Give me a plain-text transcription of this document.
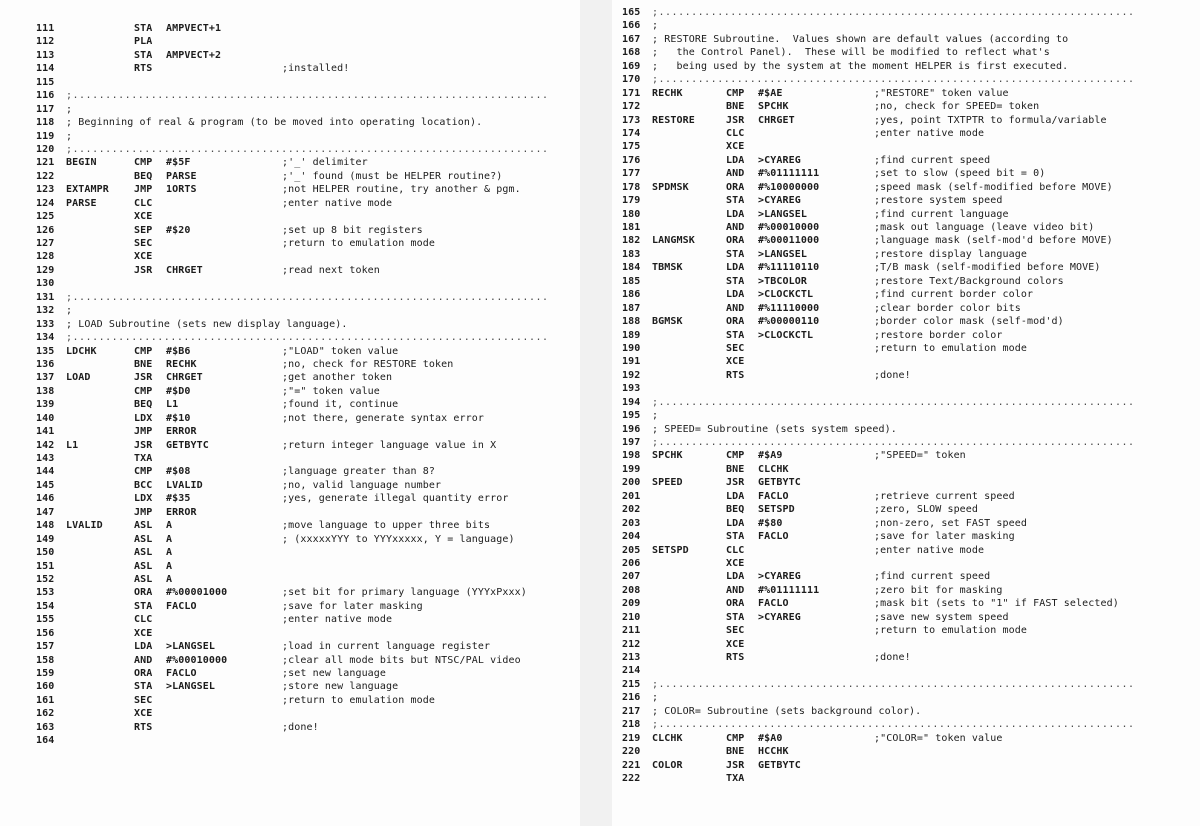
111	STA AMPVECT+1
112	PLA
113	STA AMPVECT+2
114	RTS	;installed!
115
116 ;.........................................................................
117 ;
118 ; Beginning of real & program (to be moved into operating location).
119 ;
120 ;.........................................................................
121 BEGIN	CMP #$5F	;'_' delimiter
122	BEQ PARSE	;'_' found (must be HELPER routine?)
123 EXTAMPR	JMP 1ORTS	;not HELPER routine, try another & pgm.
124 PARSE	CLC	;enter native mode
125	XCE
126	SEP #$20	;set up 8 bit registers
127	SEC	;return to emulation mode
128	XCE
129	JSR CHRGET	;read next token
130
131 ;.........................................................................
132 ;
133 ; LOAD Subroutine (sets new display language).
134 ;.........................................................................
135 LDCHK	CMP #$B6	;"LOAD" token value
136	BNE RECHK	;no, check for RESTORE token
137 LOAD	JSR CHRGET	;get another token
138	CMP #$D0	;"=" token value
139	BEQ L1	;found it, continue
140	LDX #$10	;not there, generate syntax error
141	JMP ERROR
142 L1	JSR GETBYTC	;return integer language value in X
143	TXA
144	CMP #$08	;language greater than 8?
145	BCC LVALID	;no, valid language number
146	LDX #$35	;yes, generate illegal quantity error
147	JMP ERROR
148 LVALID	ASL A	;move language to upper three bits
149	ASL A	; (xxxxxYYY to YYYxxxxx, Y = language)
150	ASL A
151	ASL A
152	ASL A
153	ORA #%00001000	;set bit for primary language (YYYxPxxx)
154	STA FACLO	;save for later masking
155	CLC	;enter native mode
156	XCE
157	LDA >LANGSEL	;load in current language register
158	AND #%00010000	;clear all mode bits but NTSC/PAL video
159	ORA FACLO	;set new language
160	STA >LANGSEL	;store new language
161	SEC	;return to emulation mode
162	XCE
163	RTS	;done!
164
165 ;.........................................................................
166 ;
167 ; RESTORE Subroutine.  Values shown are default values (according to
168 ;   the Control Panel).  These will be modified to reflect what's
169 ;   being used by the system at the moment HELPER is first executed.
170 ;.........................................................................
171 RECHK	CMP #$AE	;"RESTORE" token value
172	BNE SPCHK	;no, check for SPEED= token
173 RESTORE	JSR CHRGET	;yes, point TXTPTR to formula/variable
174	CLC	;enter native mode
175	XCE
176	LDA >CYAREG	;find current speed
177	AND #%01111111	;set to slow (speed bit = 0)
178 SPDMSK	ORA #%10000000	;speed mask (self-modified before MOVE)
179	STA >CYAREG	;restore system speed
180	LDA >LANGSEL	;find current language
181	AND #%00010000	;mask out language (leave video bit)
182 LANGMSK	ORA #%00011000	;language mask (self-mod'd before MOVE)
183	STA >LANGSEL	;restore display language
184 TBMSK	LDA #%11110110	;T/B mask (self-modified before MOVE)
185	STA >TBCOLOR	;restore Text/Background colors
186	LDA >CLOCKCTL	;find current border color
187	AND #%11110000	;clear border color bits
188 BGMSK	ORA #%00000110	;border color mask (self-mod'd)
189	STA >CLOCKCTL	;restore border color
190	SEC	;return to emulation mode
191	XCE
192	RTS	;done!
193
194 ;.........................................................................
195 ;
196 ; SPEED= Subroutine (sets system speed).
197 ;.........................................................................
198 SPCHK	CMP #$A9	;"SPEED=" token
199	BNE CLCHK
200 SPEED	JSR GETBYTC
201	LDA FACLO	;retrieve current speed
202	BEQ SETSPD	;zero, SLOW speed
203	LDA #$80	;non-zero, set FAST speed
204	STA FACLO	;save for later masking
205 SETSPD	CLC	;enter native mode
206	XCE
207	LDA >CYAREG	;find current speed
208	AND #%01111111	;zero bit for masking
209	ORA FACLO	;mask bit (sets to "1" if FAST selected)
210	STA >CYAREG	;save new system speed
211	SEC	;return to emulation mode
212	XCE
213	RTS	;done!
214
215 ;.........................................................................
216 ;
217 ; COLOR= Subroutine (sets background color).
218 ;.........................................................................
219 CLCHK	CMP #$A0	;"COLOR=" token value
220	BNE HCCHK
221 COLOR	JSR GETBYTC
222	TXA
